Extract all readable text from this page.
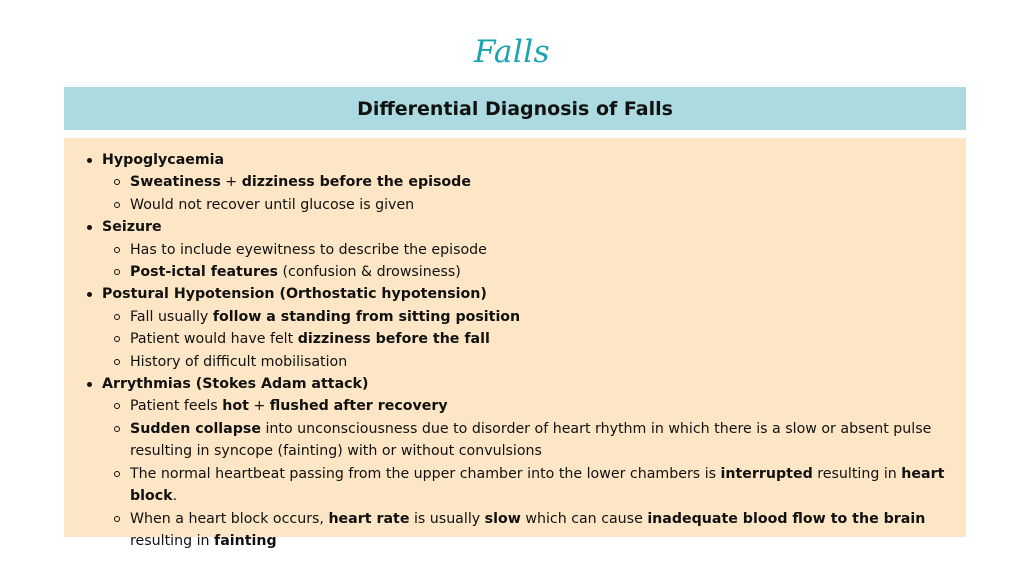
Falls
Differential Diagnosis of Falls
Hypoglycaemia
Sweatiness + dizziness before the episode
Would not recover until glucose is given
Seizure
Has to include eyewitness to describe the episode
Post-ictal features (confusion & drowsiness)
Postural Hypotension (Orthostatic hypotension)
Fall usually follow a standing from sitting position
Patient would have felt dizziness before the fall
History of difficult mobilisation
Arrythmias (Stokes Adam attack)
Patient feels hot + flushed after recovery
Sudden collapse into unconsciousness due to disorder of heart rhythm in which there is a slow or absent pulse resulting in syncope (fainting) with or without convulsions
The normal heartbeat passing from the upper chamber into the lower chambers is interrupted resulting in heart block.
When a heart block occurs, heart rate is usually slow which can cause inadequate blood flow to the brain resulting in fainting
